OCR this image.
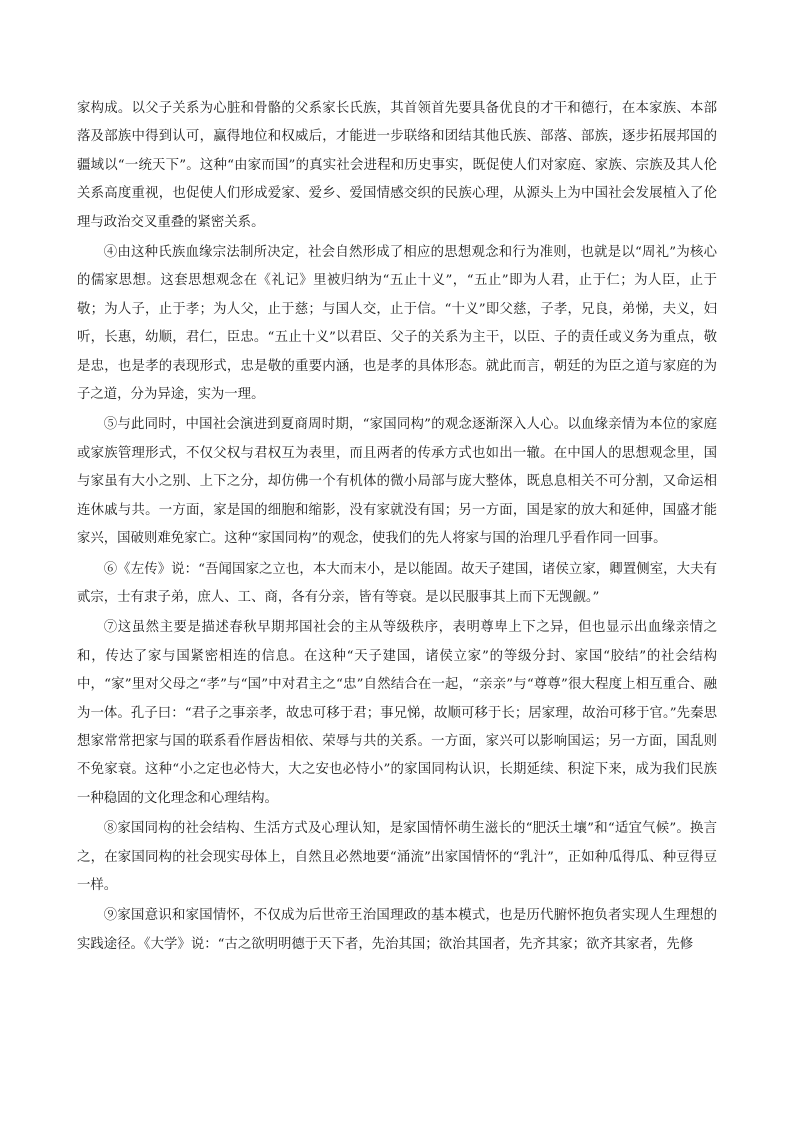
家构成。以父子关系为心脏和骨骼的父系家长氏族，其首领首先要具备优良的才干和德行，在本家族、本部落及部族中得到认可，赢得地位和权威后，才能进一步联络和团结其他氏族、部落、部族，逐步拓展邦国的疆域以“一统天下”。这种“由家而国”的真实社会进程和历史事实，既促使人们对家庭、家族、宗族及其人伦关系高度重视，也促使人们形成爱家、爱乡、爱国情感交织的民族心理，从源头上为中国社会发展植入了伦理与政治交叉重叠的紧密关系。

④由这种氏族血缘宗法制所决定，社会自然形成了相应的思想观念和行为准则，也就是以“周礼”为核心的儒家思想。这套思想观念在《礼记》里被归纳为“五止十义”，“五止”即为人君，止于仁；为人臣，止于敬；为人子，止于孝；为人父，止于慈；与国人交，止于信。“十义”即父慈，子孝，兄良，弟悌，夫义，妇听，长惠，幼顺，君仁，臣忠。“五止十义”以君臣、父子的关系为主干，以臣、子的责任或义务为重点，敬是忠，也是孝的表现形式，忠是敬的重要内涵，也是孝的具体形态。就此而言，朝廷的为臣之道与家庭的为子之道，分为异途，实为一理。

⑤与此同时，中国社会演进到夏商周时期，“家国同构”的观念逐渐深入人心。以血缘亲情为本位的家庭或家族管理形式，不仅父权与君权互为表里，而且两者的传承方式也如出一辙。在中国人的思想观念里，国与家虽有大小之别、上下之分，却仿佛一个有机体的微小局部与庞大整体，既息息相关不可分割，又命运相连休戚与共。一方面，家是国的细胞和缩影，没有家就没有国；另一方面，国是家的放大和延伸，国盛才能家兴，国破则难免家亡。这种“家国同构”的观念，使我们的先人将家与国的治理几乎看作同一回事。

⑥《左传》说：“吾闻国家之立也，本大而末小，是以能固。故天子建国，诸侯立家，卿置侧室，大夫有贰宗，士有隶子弟，庶人、工、商，各有分亲，皆有等衰。是以民服事其上而下无觊觎。”

⑦这虽然主要是描述春秋早期邦国社会的主从等级秩序，表明尊卑上下之异，但也显示出血缘亲情之和，传达了家与国紧密相连的信息。在这种“天子建国，诸侯立家”的等级分封、家国“胶结”的社会结构中，“家”里对父母之“孝”与“国”中对君主之“忠”自然结合在一起，“亲亲”与“尊尊”很大程度上相互重合、融为一体。孔子曰：“君子之事亲孝，故忠可移于君；事兄悌，故顺可移于长；居家理，故治可移于官。”先秦思想家常常把家与国的联系看作唇齿相依、荣辱与共的关系。一方面，家兴可以影响国运；另一方面，国乱则不免家衰。这种“小之定也必恃大，大之安也必恃小”的家国同构认识，长期延续、积淀下来，成为我们民族一种稳固的文化理念和心理结构。

⑧家国同构的社会结构、生活方式及心理认知，是家国情怀萌生滋长的“肥沃土壤”和“适宜气候”。换言之，在家国同构的社会现实母体上，自然且必然地要“涌流”出家国情怀的“乳汁”，正如种瓜得瓜、种豆得豆一样。

⑨家国意识和家国情怀，不仅成为后世帝王治国理政的基本模式，也是历代腑怀抱负者实现人生理想的实践途径。《大学》说：“古之欲明明德于天下者，先治其国；欲治其国者，先齐其家；欲齐其家者，先修
